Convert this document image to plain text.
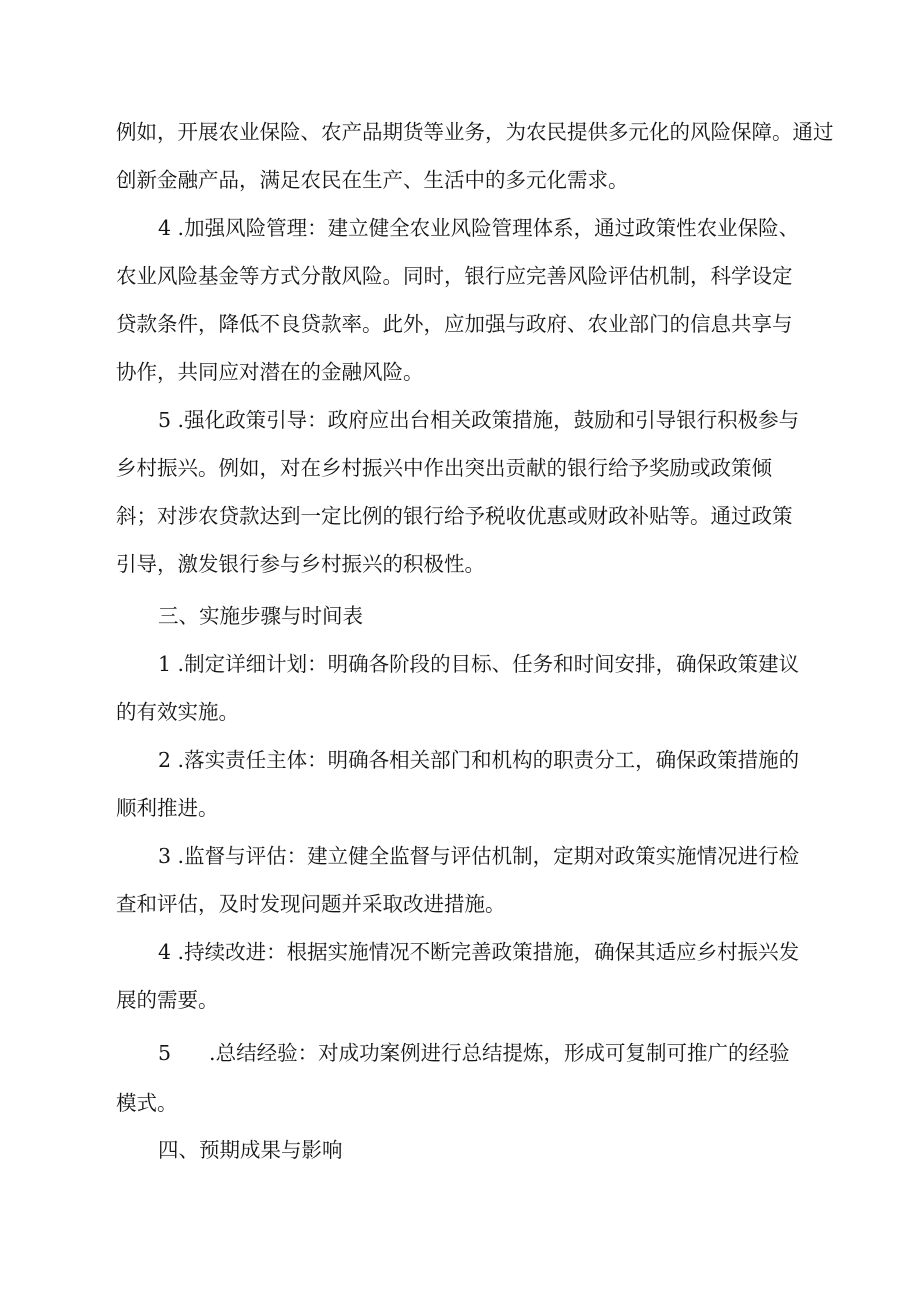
例如，开展农业保险、农产品期货等业务，为农民提供多元化的风险保障。通过
创新金融产品，满足农民在生产、生活中的多元化需求。

4 .加强风险管理：建立健全农业风险管理体系，通过政策性农业保险、农业风险基金等方式分散风险。同时，银行应完善风险评估机制，科学设定贷款条件，降低不良贷款率。此外，应加强与政府、农业部门的信息共享与协作，共同应对潜在的金融风险。

5 .强化政策引导：政府应出台相关政策措施，鼓励和引导银行积极参与乡村振兴。例如，对在乡村振兴中作出突出贡献的银行给予奖励或政策倾斜；对涉农贷款达到一定比例的银行给予税收优惠或财政补贴等。通过政策引导，激发银行参与乡村振兴的积极性。

三、实施步骤与时间表

1 .制定详细计划：明确各阶段的目标、任务和时间安排，确保政策建议的有效实施。

2 .落实责任主体：明确各相关部门和机构的职责分工，确保政策措施的顺利推进。

3 .监督与评估：建立健全监督与评估机制，定期对政策实施情况进行检查和评估，及时发现问题并采取改进措施。

4 .持续改进：根据实施情况不断完善政策措施，确保其适应乡村振兴发展的需要。

5 .总结经验：对成功案例进行总结提炼，形成可复制可推广的经验
模式。

四、预期成果与影响
